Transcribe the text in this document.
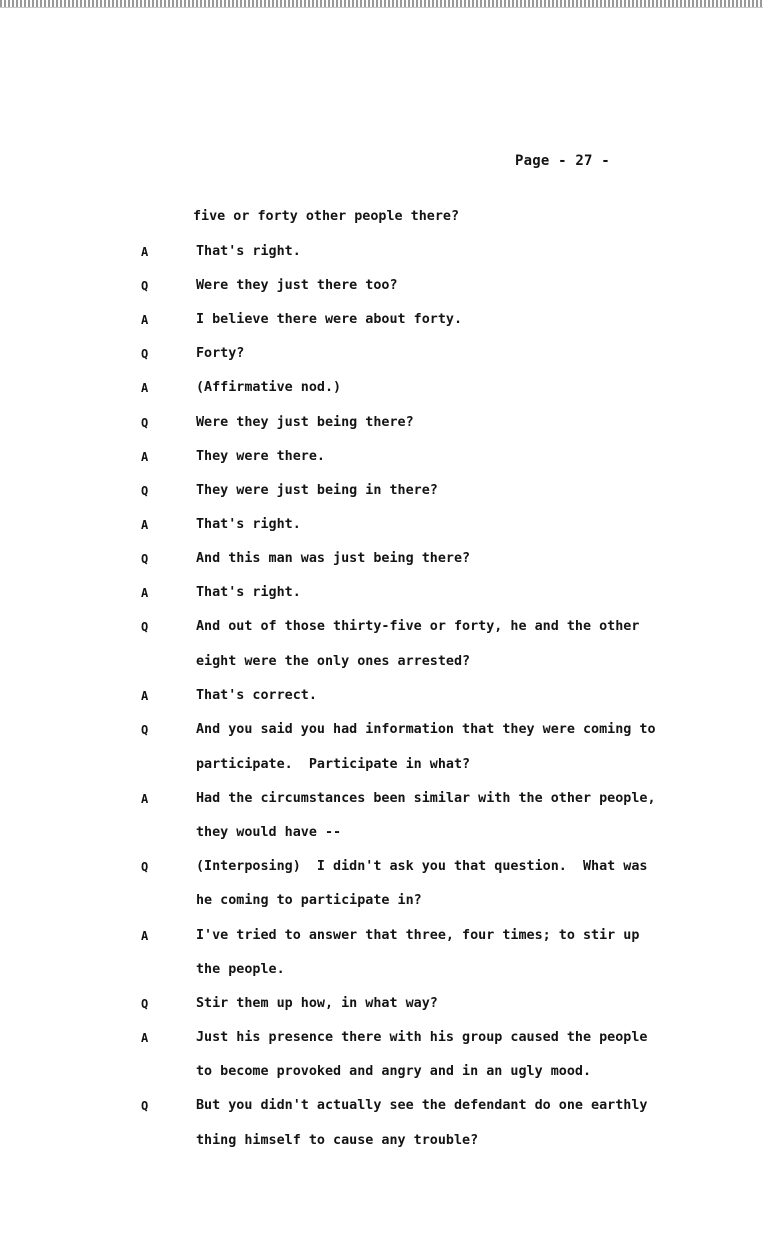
Page - 27 -
five or forty other people there?
A	That's right.
Q	Were they just there too?
A	I believe there were about forty.
Q	Forty?
A	(Affirmative nod.)
Q	Were they just being there?
A	They were there.
Q	They were just being in there?
A	That's right.
Q	And this man was just being there?
A	That's right.
Q	And out of those thirty-five or forty, he and the other
eight were the only ones arrested?
A	That's correct.
Q	And you said you had information that they were coming to
participate.  Participate in what?
A	Had the circumstances been similar with the other people,
they would have --
Q	(Interposing)  I didn't ask you that question.  What was
he coming to participate in?
A	I've tried to answer that three, four times; to stir up
the people.
Q	Stir them up how, in what way?
A	Just his presence there with his group caused the people
to become provoked and angry and in an ugly mood.
Q	But you didn't actually see the defendant do one earthly
thing himself to cause any trouble?
